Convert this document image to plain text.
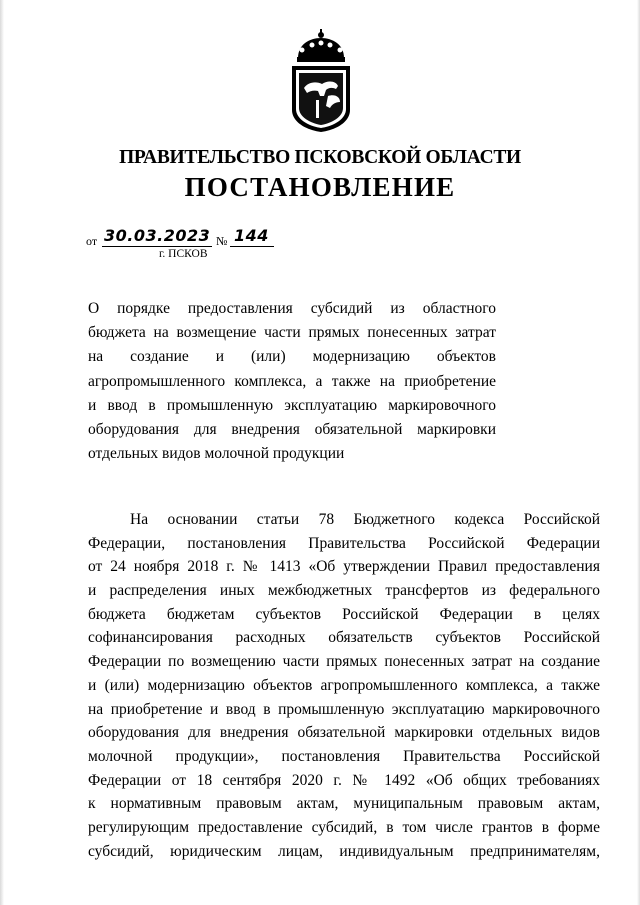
ПРАВИТЕЛЬСТВО ПСКОВСКОЙ ОБЛАСТИ
ПОСТАНОВЛЕНИЕ
от 30.03.2023 № 144
г. ПСКОВ
О порядке предоставления субсидий из областного
бюджета на возмещение части прямых понесенных затрат
на создание и (или) модернизацию объектов
агропромышленного комплекса, а также на приобретение
и ввод в промышленную эксплуатацию маркировочного
оборудования для внедрения обязательной маркировки
отдельных видов молочной продукции
На основании статьи 78 Бюджетного кодекса Российской
Федерации, постановления Правительства Российской Федерации
от 24 ноября 2018 г. № 1413 «Об утверждении Правил предоставления
и распределения иных межбюджетных трансфертов из федерального
бюджета бюджетам субъектов Российской Федерации в целях
софинансирования расходных обязательств субъектов Российской
Федерации по возмещению части прямых понесенных затрат на создание
и (или) модернизацию объектов агропромышленного комплекса, а также
на приобретение и ввод в промышленную эксплуатацию маркировочного
оборудования для внедрения обязательной маркировки отдельных видов
молочной продукции», постановления Правительства Российской
Федерации от 18 сентября 2020 г. № 1492 «Об общих требованиях
к нормативным правовым актам, муниципальным правовым актам,
регулирующим предоставление субсидий, в том числе грантов в форме
субсидий, юридическим лицам, индивидуальным предпринимателям,
